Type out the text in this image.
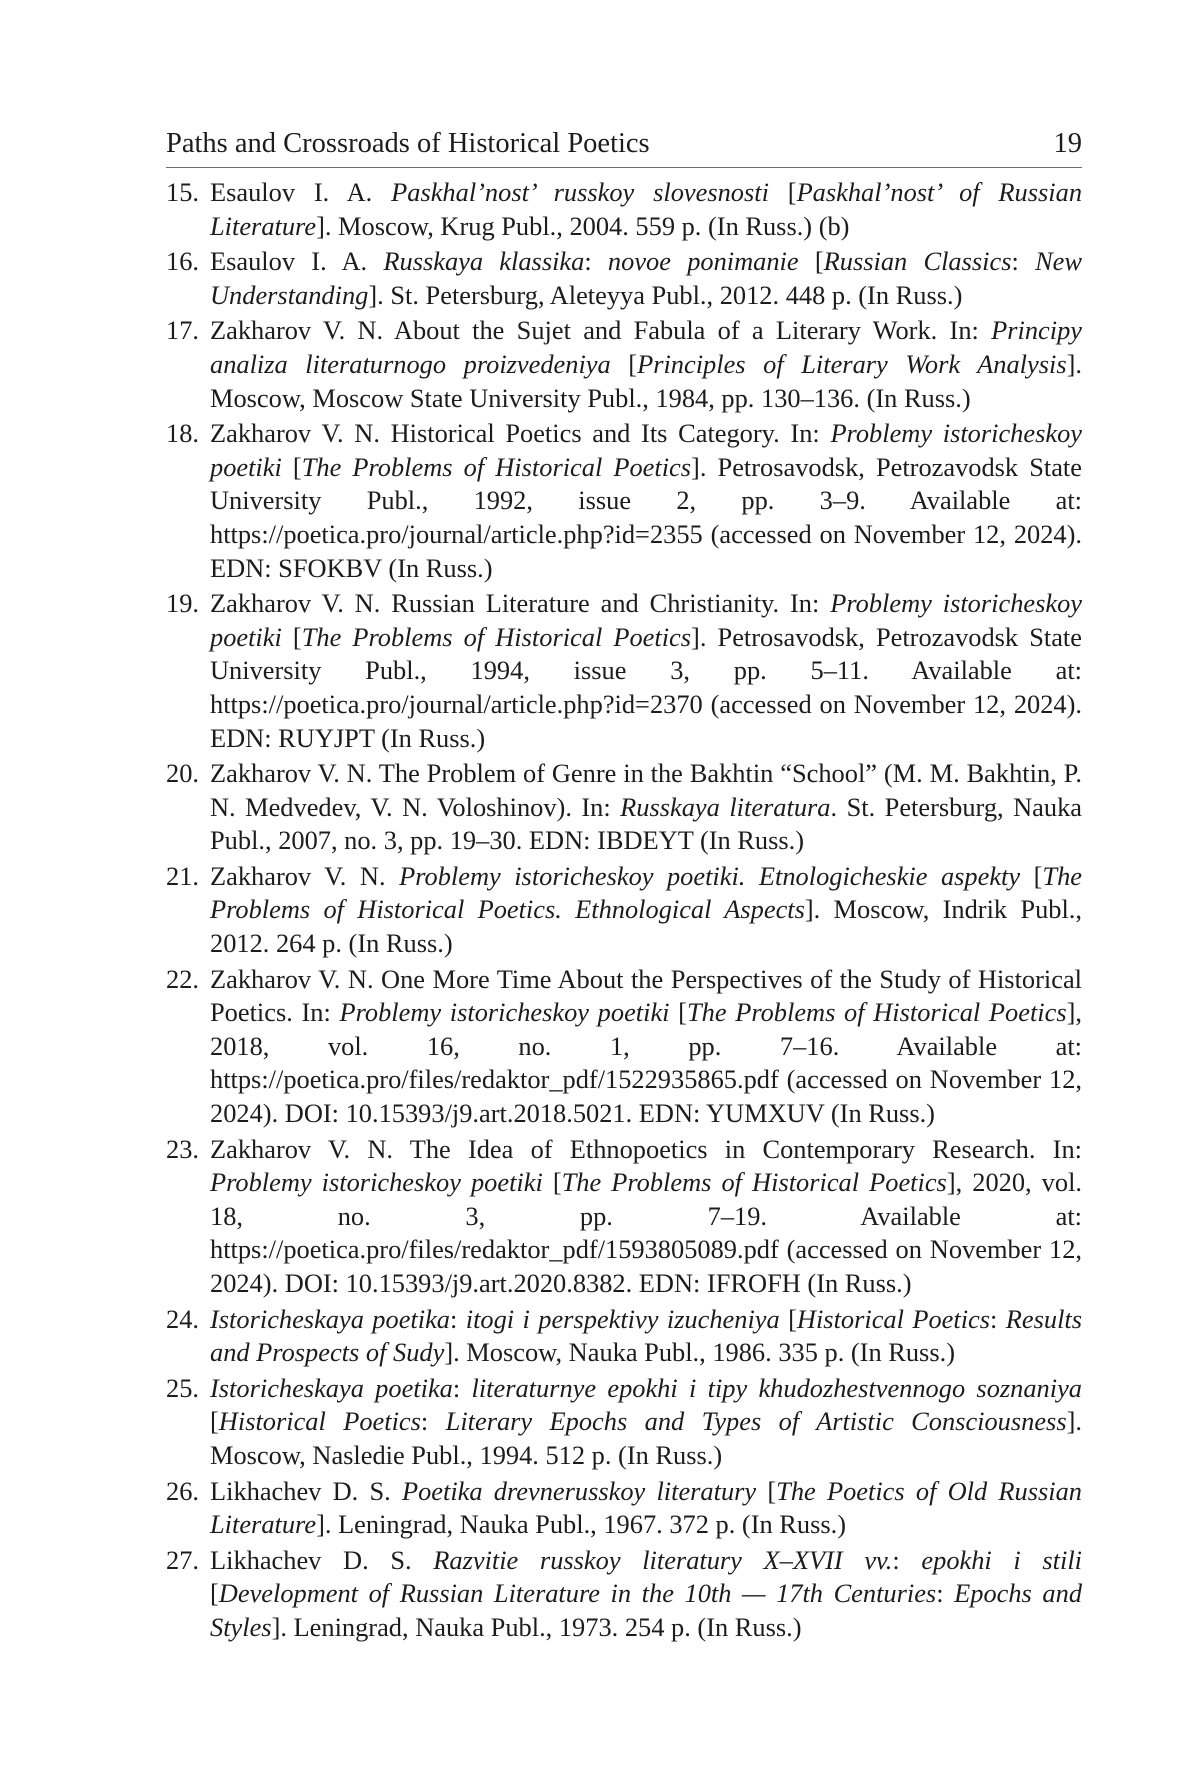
Paths and Crossroads of Historical Poetics	19
15. Esaulov I. A. Paskhal’nost’ russkoy slovesnosti [Paskhal’nost’ of Russian Literature]. Moscow, Krug Publ., 2004. 559 p. (In Russ.) (b)
16. Esaulov I. A. Russkaya klassika: novoe ponimanie [Russian Classics: New Understanding]. St. Petersburg, Aleteyya Publ., 2012. 448 p. (In Russ.)
17. Zakharov V. N. About the Sujet and Fabula of a Literary Work. In: Principy analiza literaturnogo proizvedeniya [Principles of Literary Work Analysis]. Moscow, Moscow State University Publ., 1984, pp. 130–136. (In Russ.)
18. Zakharov V. N. Historical Poetics and Its Category. In: Problemy istoricheskoy poetiki [The Problems of Historical Poetics]. Petrosavodsk, Petrozavodsk State University Publ., 1992, issue 2, pp. 3–9. Available at: https://poetica.pro/journal/article.php?id=2355 (accessed on November 12, 2024). EDN: SFOKBV (In Russ.)
19. Zakharov V. N. Russian Literature and Christianity. In: Problemy istoricheskoy poetiki [The Problems of Historical Poetics]. Petrosavodsk, Petrozavodsk State University Publ., 1994, issue 3, pp. 5–11. Available at: https://poetica.pro/journal/article.php?id=2370 (accessed on November 12, 2024). EDN: RUYJPT (In Russ.)
20. Zakharov V. N. The Problem of Genre in the Bakhtin “School” (M. M. Bakhtin, P. N. Medvedev, V. N. Voloshinov). In: Russkaya literatura. St. Petersburg, Nauka Publ., 2007, no. 3, pp. 19–30. EDN: IBDEYT (In Russ.)
21. Zakharov V. N. Problemy istoricheskoy poetiki. Etnologicheskie aspekty [The Problems of Historical Poetics. Ethnological Aspects]. Moscow, Indrik Publ., 2012. 264 p. (In Russ.)
22. Zakharov V. N. One More Time About the Perspectives of the Study of Historical Poetics. In: Problemy istoricheskoy poetiki [The Problems of Historical Poetics], 2018, vol. 16, no. 1, pp. 7–16. Available at: https://poetica.pro/files/redaktor_pdf/1522935865.pdf (accessed on November 12, 2024). DOI: 10.15393/j9.art.2018.5021. EDN: YUMXUV (In Russ.)
23. Zakharov V. N. The Idea of Ethnopoetics in Contemporary Research. In: Problemy istoricheskoy poetiki [The Problems of Historical Poetics], 2020, vol. 18, no. 3, pp. 7–19. Available at: https://poetica.pro/files/redaktor_pdf/1593805089.pdf (accessed on November 12, 2024). DOI: 10.15393/j9.art.2020.8382. EDN: IFROFH (In Russ.)
24. Istoricheskaya poetika: itogi i perspektivy izucheniya [Historical Poetics: Results and Prospects of Sudy]. Moscow, Nauka Publ., 1986. 335 p. (In Russ.)
25. Istoricheskaya poetika: literaturnye epokhi i tipy khudozhestvennogo soznaniya [Historical Poetics: Literary Epochs and Types of Artistic Consciousness]. Moscow, Nasledie Publ., 1994. 512 p. (In Russ.)
26. Likhachev D. S. Poetika drevnerusskoy literatury [The Poetics of Old Russian Literature]. Leningrad, Nauka Publ., 1967. 372 p. (In Russ.)
27. Likhachev D. S. Razvitie russkoy literatury X–XVII vv.: epokhi i stili [Development of Russian Literature in the 10th — 17th Centuries: Epochs and Styles]. Leningrad, Nauka Publ., 1973. 254 p. (In Russ.)
